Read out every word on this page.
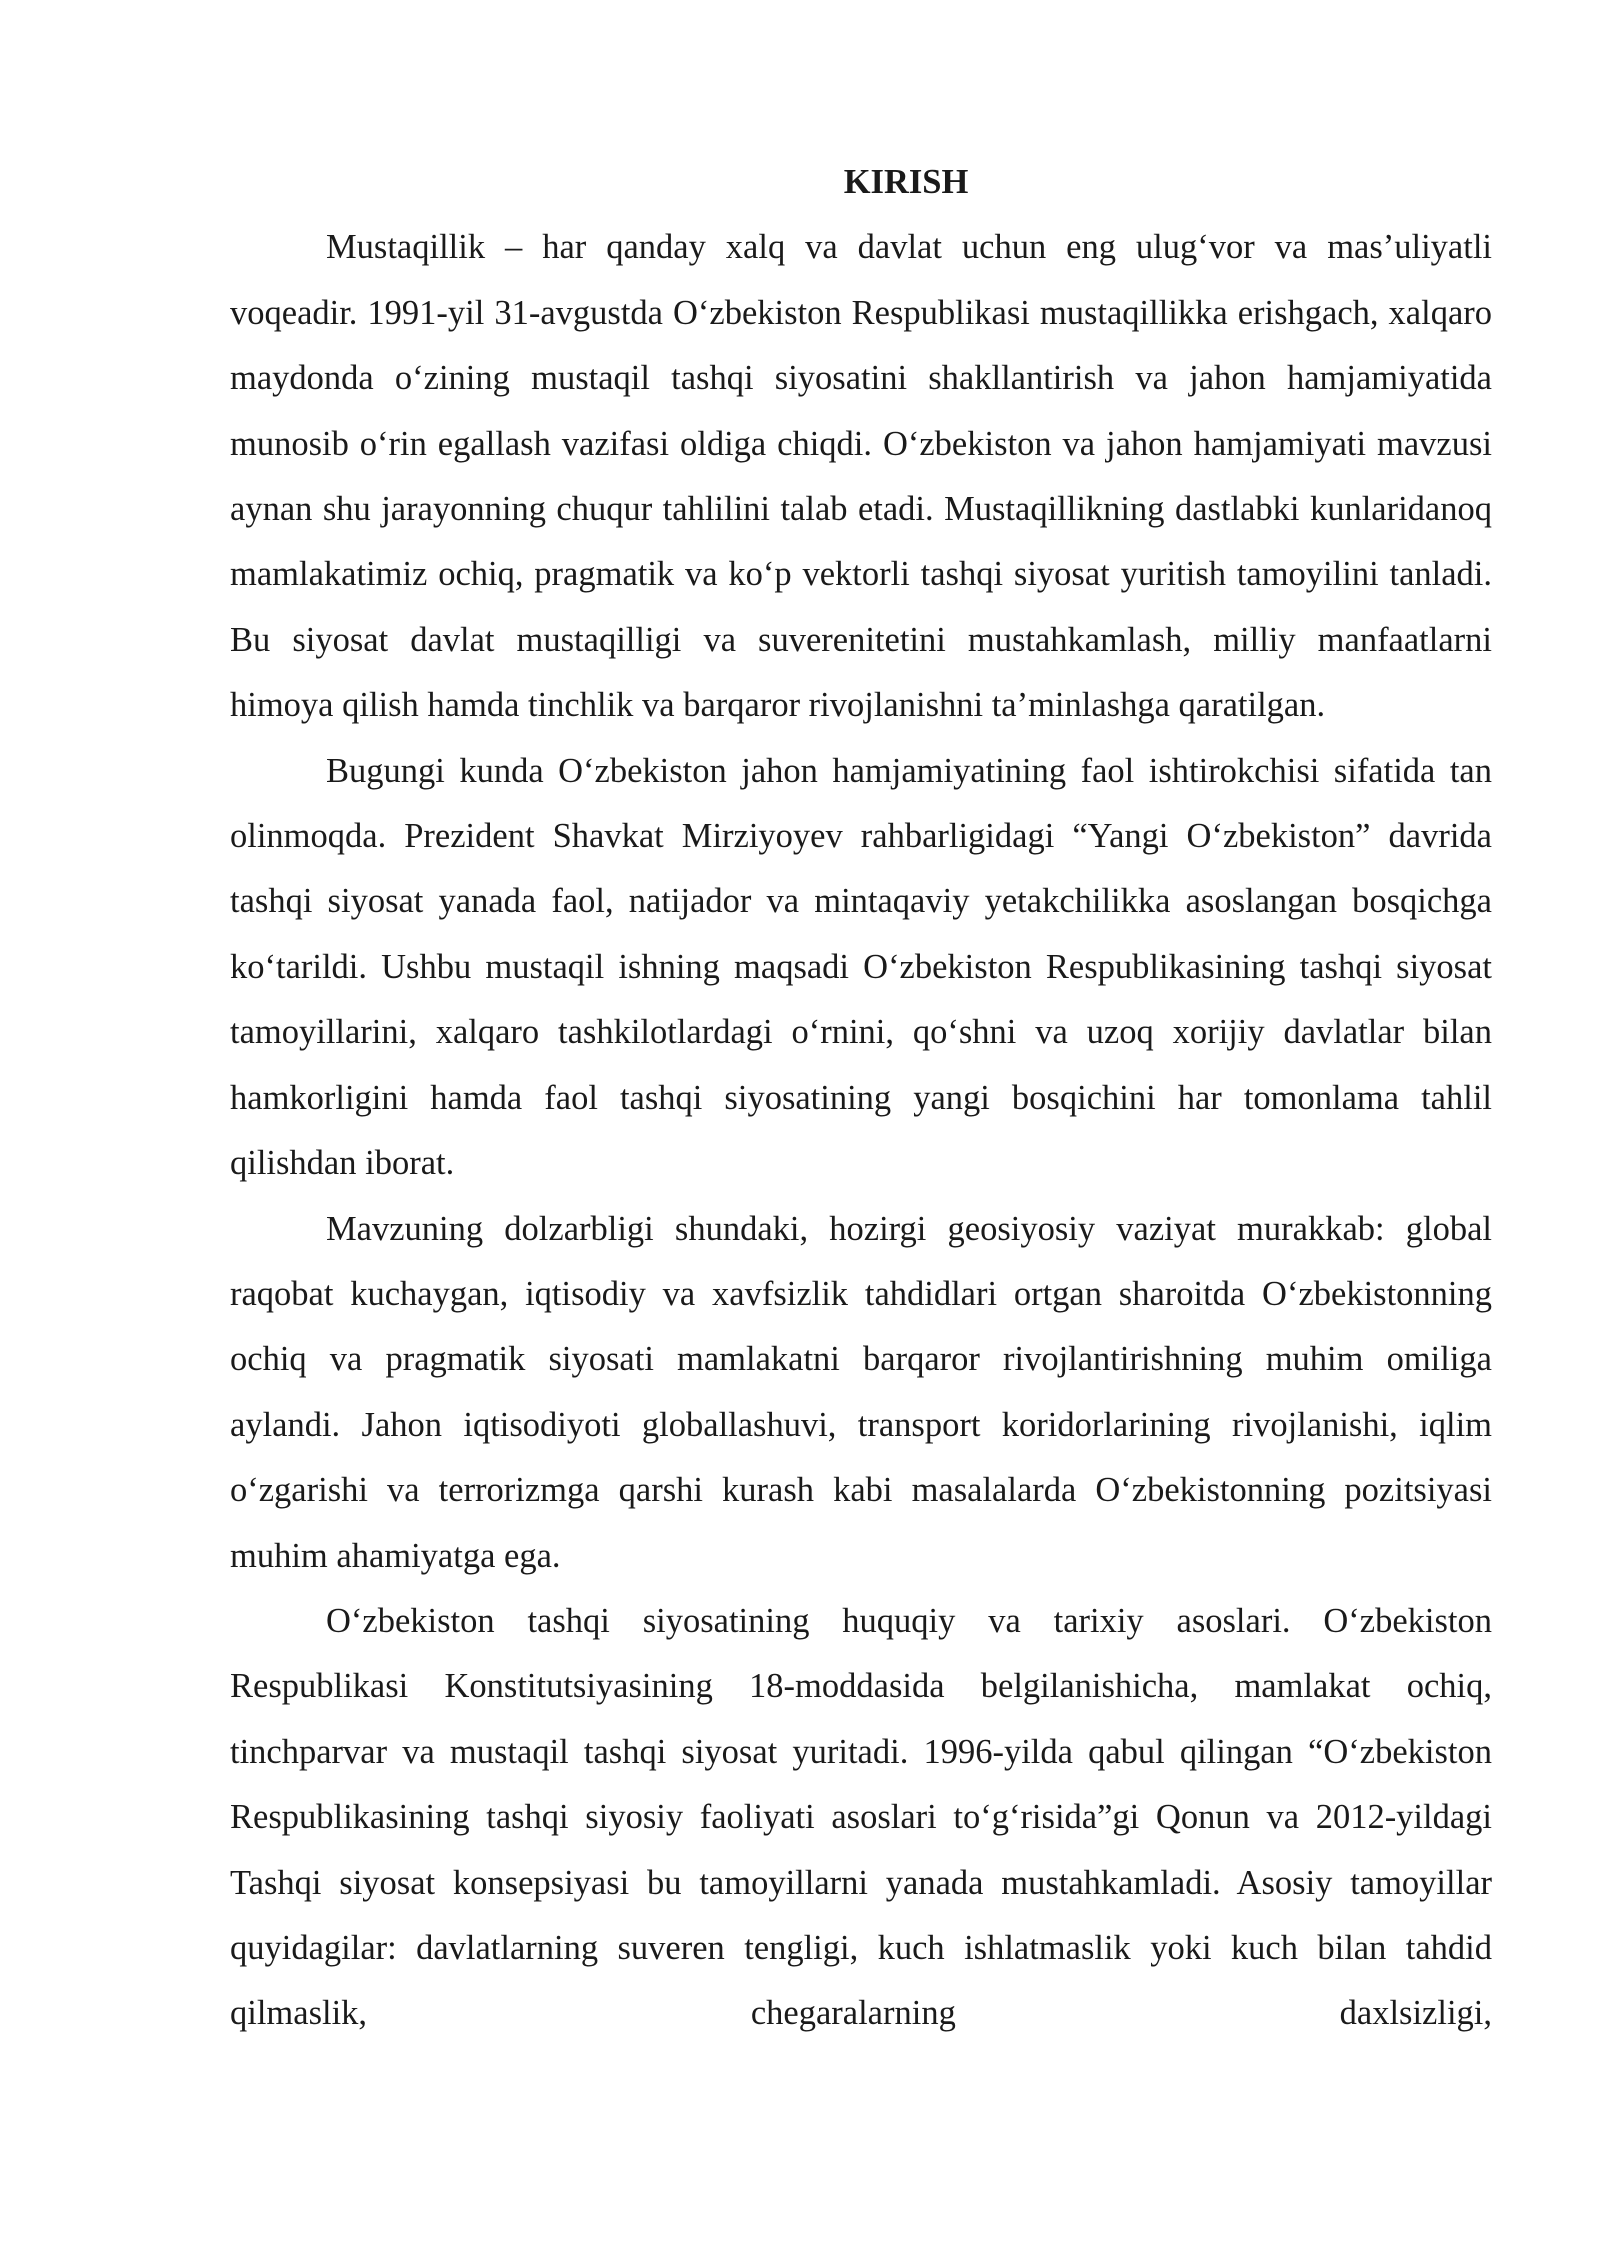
KIRISH

Mustaqillik – har qanday xalq va davlat uchun eng ulug‘vor va mas’uliyatli voqeadir. 1991-yil 31-avgustda O‘zbekiston Respublikasi mustaqillikka erishgach, xalqaro maydonda o‘zining mustaqil tashqi siyosatini shakllantirish va jahon hamjamiyatida munosib o‘rin egallash vazifasi oldiga chiqdi. O‘zbekiston va jahon hamjamiyati mavzusi aynan shu jarayonning chuqur tahlilini talab etadi. Mustaqillikning dastlabki kunlaridanoq mamlakatimiz ochiq, pragmatik va ko‘p vektorli tashqi siyosat yuritish tamoyilini tanladi. Bu siyosat davlat mustaqilligi va suverenitetini mustahkamlash, milliy manfaatlarni himoya qilish hamda tinchlik va barqaror rivojlanishni ta’minlashga qaratilgan.

Bugungi kunda O‘zbekiston jahon hamjamiyatining faol ishtirokchisi sifatida tan olinmoqda. Prezident Shavkat Mirziyoyev rahbarligidagi “Yangi O‘zbekiston” davrida tashqi siyosat yanada faol, natijador va mintaqaviy yetakchilikka asoslangan bosqichga ko‘tarildi. Ushbu mustaqil ishning maqsadi O‘zbekiston Respublikasining tashqi siyosat tamoyillarini, xalqaro tashkilotlardagi o‘rnini, qo‘shni va uzoq xorijiy davlatlar bilan hamkorligini hamda faol tashqi siyosatining yangi bosqichini har tomonlama tahlil qilishdan iborat.

Mavzuning dolzarbligi shundaki, hozirgi geosiyosiy vaziyat murakkab: global raqobat kuchaygan, iqtisodiy va xavfsizlik tahdidlari ortgan sharoitda O‘zbekistonning ochiq va pragmatik siyosati mamlakatni barqaror rivojlantirishning muhim omiliga aylandi. Jahon iqtisodiyoti globallashuvi, transport koridorlarining rivojlanishi, iqlim o‘zgarishi va terrorizmga qarshi kurash kabi masalalarda O‘zbekistonning pozitsiyasi muhim ahamiyatga ega.

O‘zbekiston tashqi siyosatining huquqiy va tarixiy asoslari. O‘zbekiston Respublikasi Konstitutsiyasining 18-moddasida belgilanishicha, mamlakat ochiq, tinchparvar va mustaqil tashqi siyosat yuritadi. 1996-yilda qabul qilingan “O‘zbekiston Respublikasining tashqi siyosiy faoliyati asoslari to‘g‘risida”gi Qonun va 2012-yildagi Tashqi siyosat konsepsiyasi bu tamoyillarni yanada mustahkamladi. Asosiy tamoyillar quyidagilar: davlatlarning suveren tengligi, kuch ishlatmaslik yoki kuch bilan tahdid qilmaslik, chegaralarning daxlsizligi,
